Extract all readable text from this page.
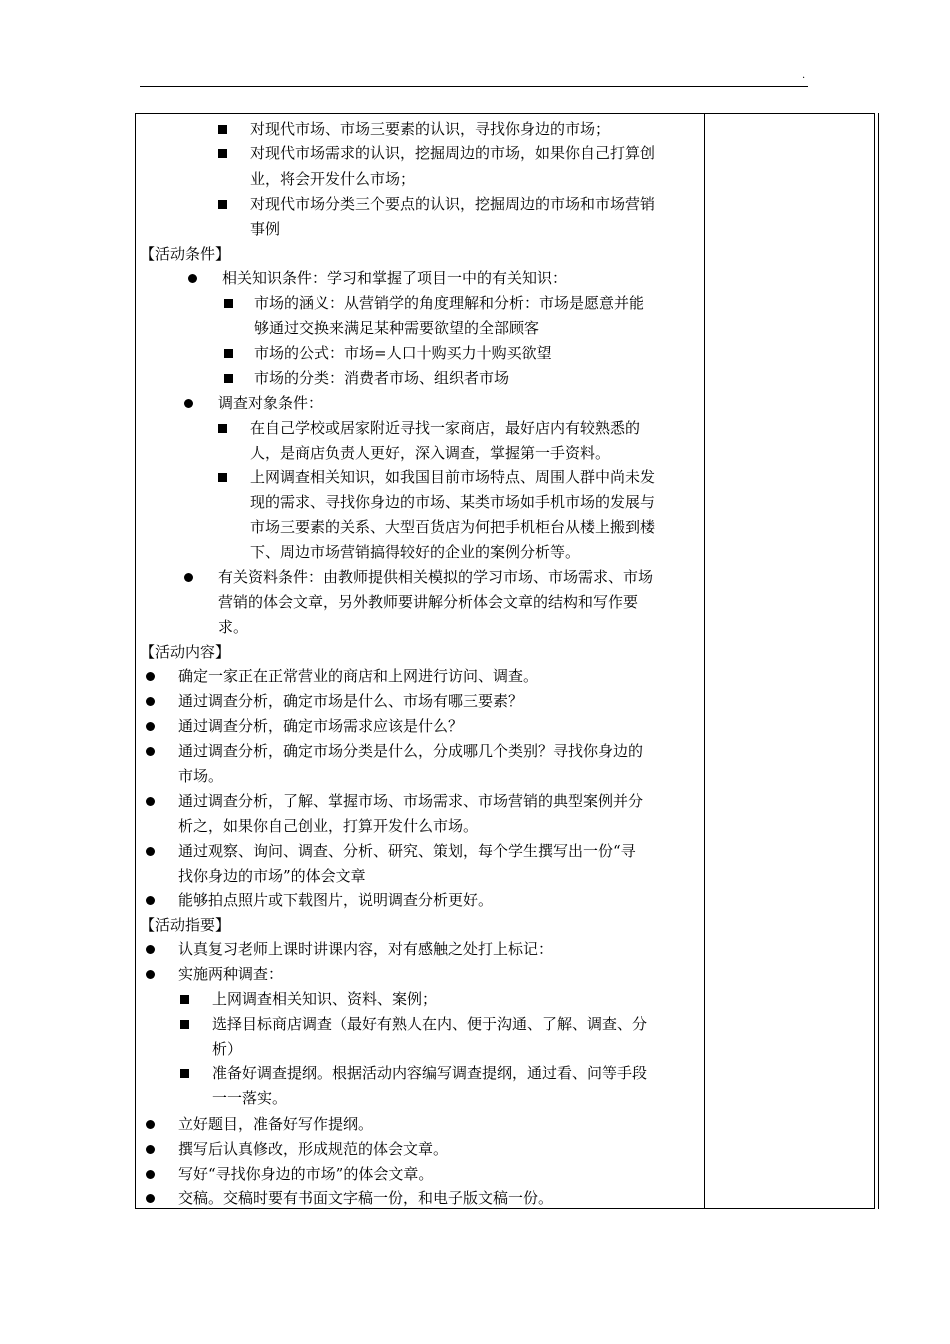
.
对现代市场、市场三要素的认识，寻找你身边的市场；
对现代市场需求的认识，挖掘周边的市场，如果你自己打算创
业，将会开发什么市场；
对现代市场分类三个要点的认识，挖掘周边的市场和市场营销
事例
【活动条件】
相关知识条件：学习和掌握了项目一中的有关知识：
市场的涵义：从营销学的角度理解和分析：市场是愿意并能
够通过交换来满足某种需要欲望的全部顾客
市场的公式：市场=人口十购买力十购买欲望
市场的分类：消费者市场、组织者市场
调查对象条件：
在自己学校或居家附近寻找一家商店，最好店内有较熟悉的
人，是商店负责人更好，深入调查，掌握第一手资料。
上网调查相关知识，如我国目前市场特点、周围人群中尚未发
现的需求、寻找你身边的市场、某类市场如手机市场的发展与
市场三要素的关系、大型百货店为何把手机柜台从楼上搬到楼
下、周边市场营销搞得较好的企业的案例分析等。
有关资料条件：由教师提供相关模拟的学习市场、市场需求、市场
营销的体会文章，另外教师要讲解分析体会文章的结构和写作要
求。
【活动内容】
确定一家正在正常营业的商店和上网进行访问、调查。
通过调查分析，确定市场是什么、市场有哪三要素？
通过调查分析，确定市场需求应该是什么？
通过调查分析，确定市场分类是什么，分成哪几个类别？寻找你身边的
市场。
通过调查分析，了解、掌握市场、市场需求、市场营销的典型案例并分
析之，如果你自己创业，打算开发什么市场。
通过观察、询问、调查、分析、研究、策划，每个学生撰写出一份“寻
找你身边的市场”的体会文章
能够拍点照片或下载图片，说明调查分析更好。
【活动指要】
认真复习老师上课时讲课内容，对有感触之处打上标记：
实施两种调查：
上网调查相关知识、资料、案例；
选择目标商店调查（最好有熟人在内、便于沟通、了解、调查、分
析）
准备好调查提纲。根据活动内容编写调查提纲，通过看、问等手段
一一落实。
立好题目，准备好写作提纲。
撰写后认真修改，形成规范的体会文章。
写好“寻找你身边的市场”的体会文章。
交稿。交稿时要有书面文字稿一份，和电子版文稿一份。
